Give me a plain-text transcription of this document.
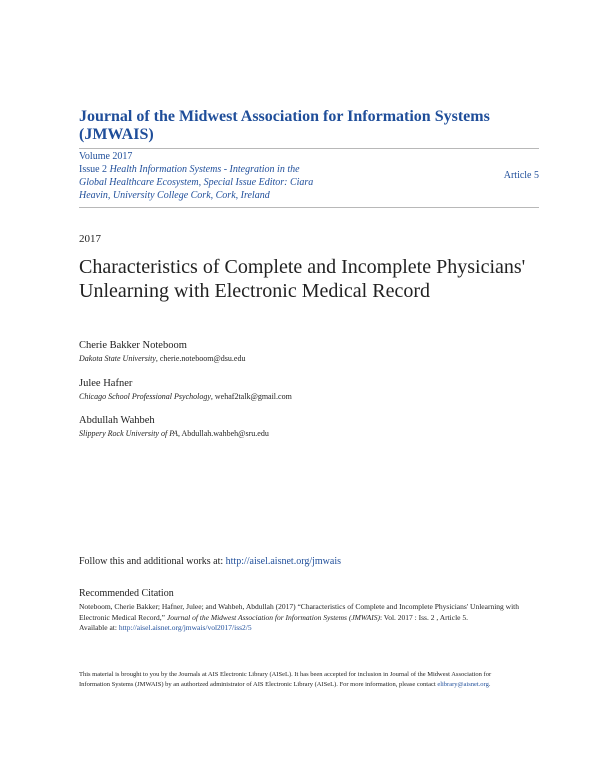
Journal of the Midwest Association for Information Systems (JMWAIS)
Volume 2017
Issue 2 Health Information Systems - Integration in the Global Healthcare Ecosystem, Special Issue Editor: Ciara Heavin, University College Cork, Cork, Ireland
Article 5
2017
Characteristics of Complete and Incomplete Physicians' Unlearning with Electronic Medical Record
Cherie Bakker Noteboom
Dakota State University, cherie.noteboom@dsu.edu
Julee Hafner
Chicago School Professional Psychology, wehaf2talk@gmail.com
Abdullah Wahbeh
Slippery Rock University of PA, Abdullah.wahbeh@sru.edu
Follow this and additional works at: http://aisel.aisnet.org/jmwais
Recommended Citation
Noteboom, Cherie Bakker; Hafner, Julee; and Wahbeh, Abdullah (2017) “Characteristics of Complete and Incomplete Physicians' Unlearning with Electronic Medical Record,” Journal of the Midwest Association for Information Systems (JMWAIS): Vol. 2017 : Iss. 2 , Article 5.
Available at: http://aisel.aisnet.org/jmwais/vol2017/iss2/5
This material is brought to you by the Journals at AIS Electronic Library (AISeL). It has been accepted for inclusion in Journal of the Midwest Association for Information Systems (JMWAIS) by an authorized administrator of AIS Electronic Library (AISeL). For more information, please contact elibrary@aisnet.org.
